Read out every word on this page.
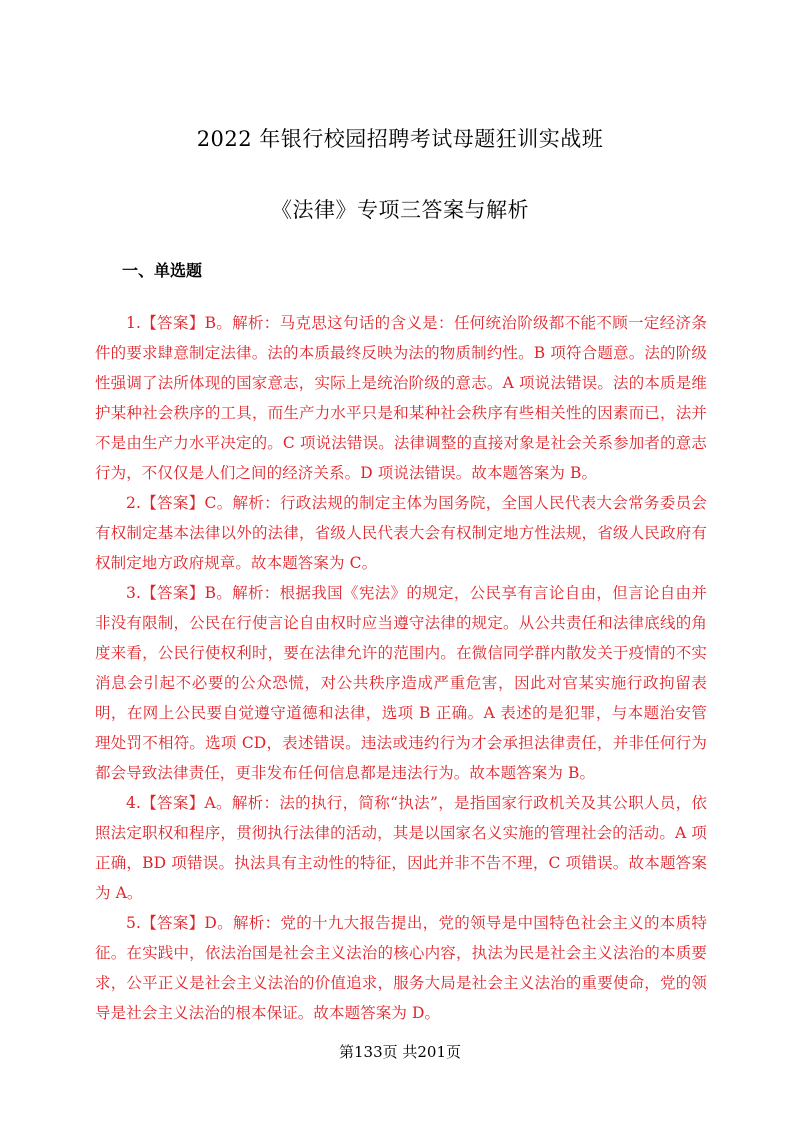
2022 年银行校园招聘考试母题狂训实战班
《法律》专项三答案与解析
一、单选题

1.【答案】B。解析：马克思这句话的含义是：任何统治阶级都不能不顾一定经济条件的要求肆意制定法律。法的本质最终反映为法的物质制约性。B 项符合题意。法的阶级性强调了法所体现的国家意志，实际上是统治阶级的意志。A 项说法错误。法的本质是维护某种社会秩序的工具，而生产力水平只是和某种社会秩序有些相关性的因素而已，法并不是由生产力水平决定的。C 项说法错误。法律调整的直接对象是社会关系参加者的意志行为，不仅仅是人们之间的经济关系。D 项说法错误。故本题答案为 B。

2.【答案】C。解析：行政法规的制定主体为国务院，全国人民代表大会常务委员会有权制定基本法律以外的法律，省级人民代表大会有权制定地方性法规，省级人民政府有权制定地方政府规章。故本题答案为 C。

3.【答案】B。解析：根据我国《宪法》的规定，公民享有言论自由，但言论自由并非没有限制，公民在行使言论自由权时应当遵守法律的规定。从公共责任和法律底线的角度来看，公民行使权利时，要在法律允许的范围内。在微信同学群内散发关于疫情的不实消息会引起不必要的公众恐慌，对公共秩序造成严重危害，因此对官某实施行政拘留表明，在网上公民要自觉遵守道德和法律，选项 B 正确。A 表述的是犯罪，与本题治安管理处罚不相符。选项 CD，表述错误。违法或违约行为才会承担法律责任，并非任何行为都会导致法律责任，更非发布任何信息都是违法行为。故本题答案为 B。

4.【答案】A。解析：法的执行，简称“执法”，是指国家行政机关及其公职人员，依照法定职权和程序，贯彻执行法律的活动，其是以国家名义实施的管理社会的活动。A 项正确，BD 项错误。执法具有主动性的特征，因此并非不告不理，C 项错误。故本题答案为 A。

5.【答案】D。解析：党的十九大报告提出，党的领导是中国特色社会主义的本质特征。在实践中，依法治国是社会主义法治的核心内容，执法为民是社会主义法治的本质要求，公平正义是社会主义法治的价值追求，服务大局是社会主义法治的重要使命，党的领导是社会主义法治的根本保证。故本题答案为 D。

第133页 共201页
